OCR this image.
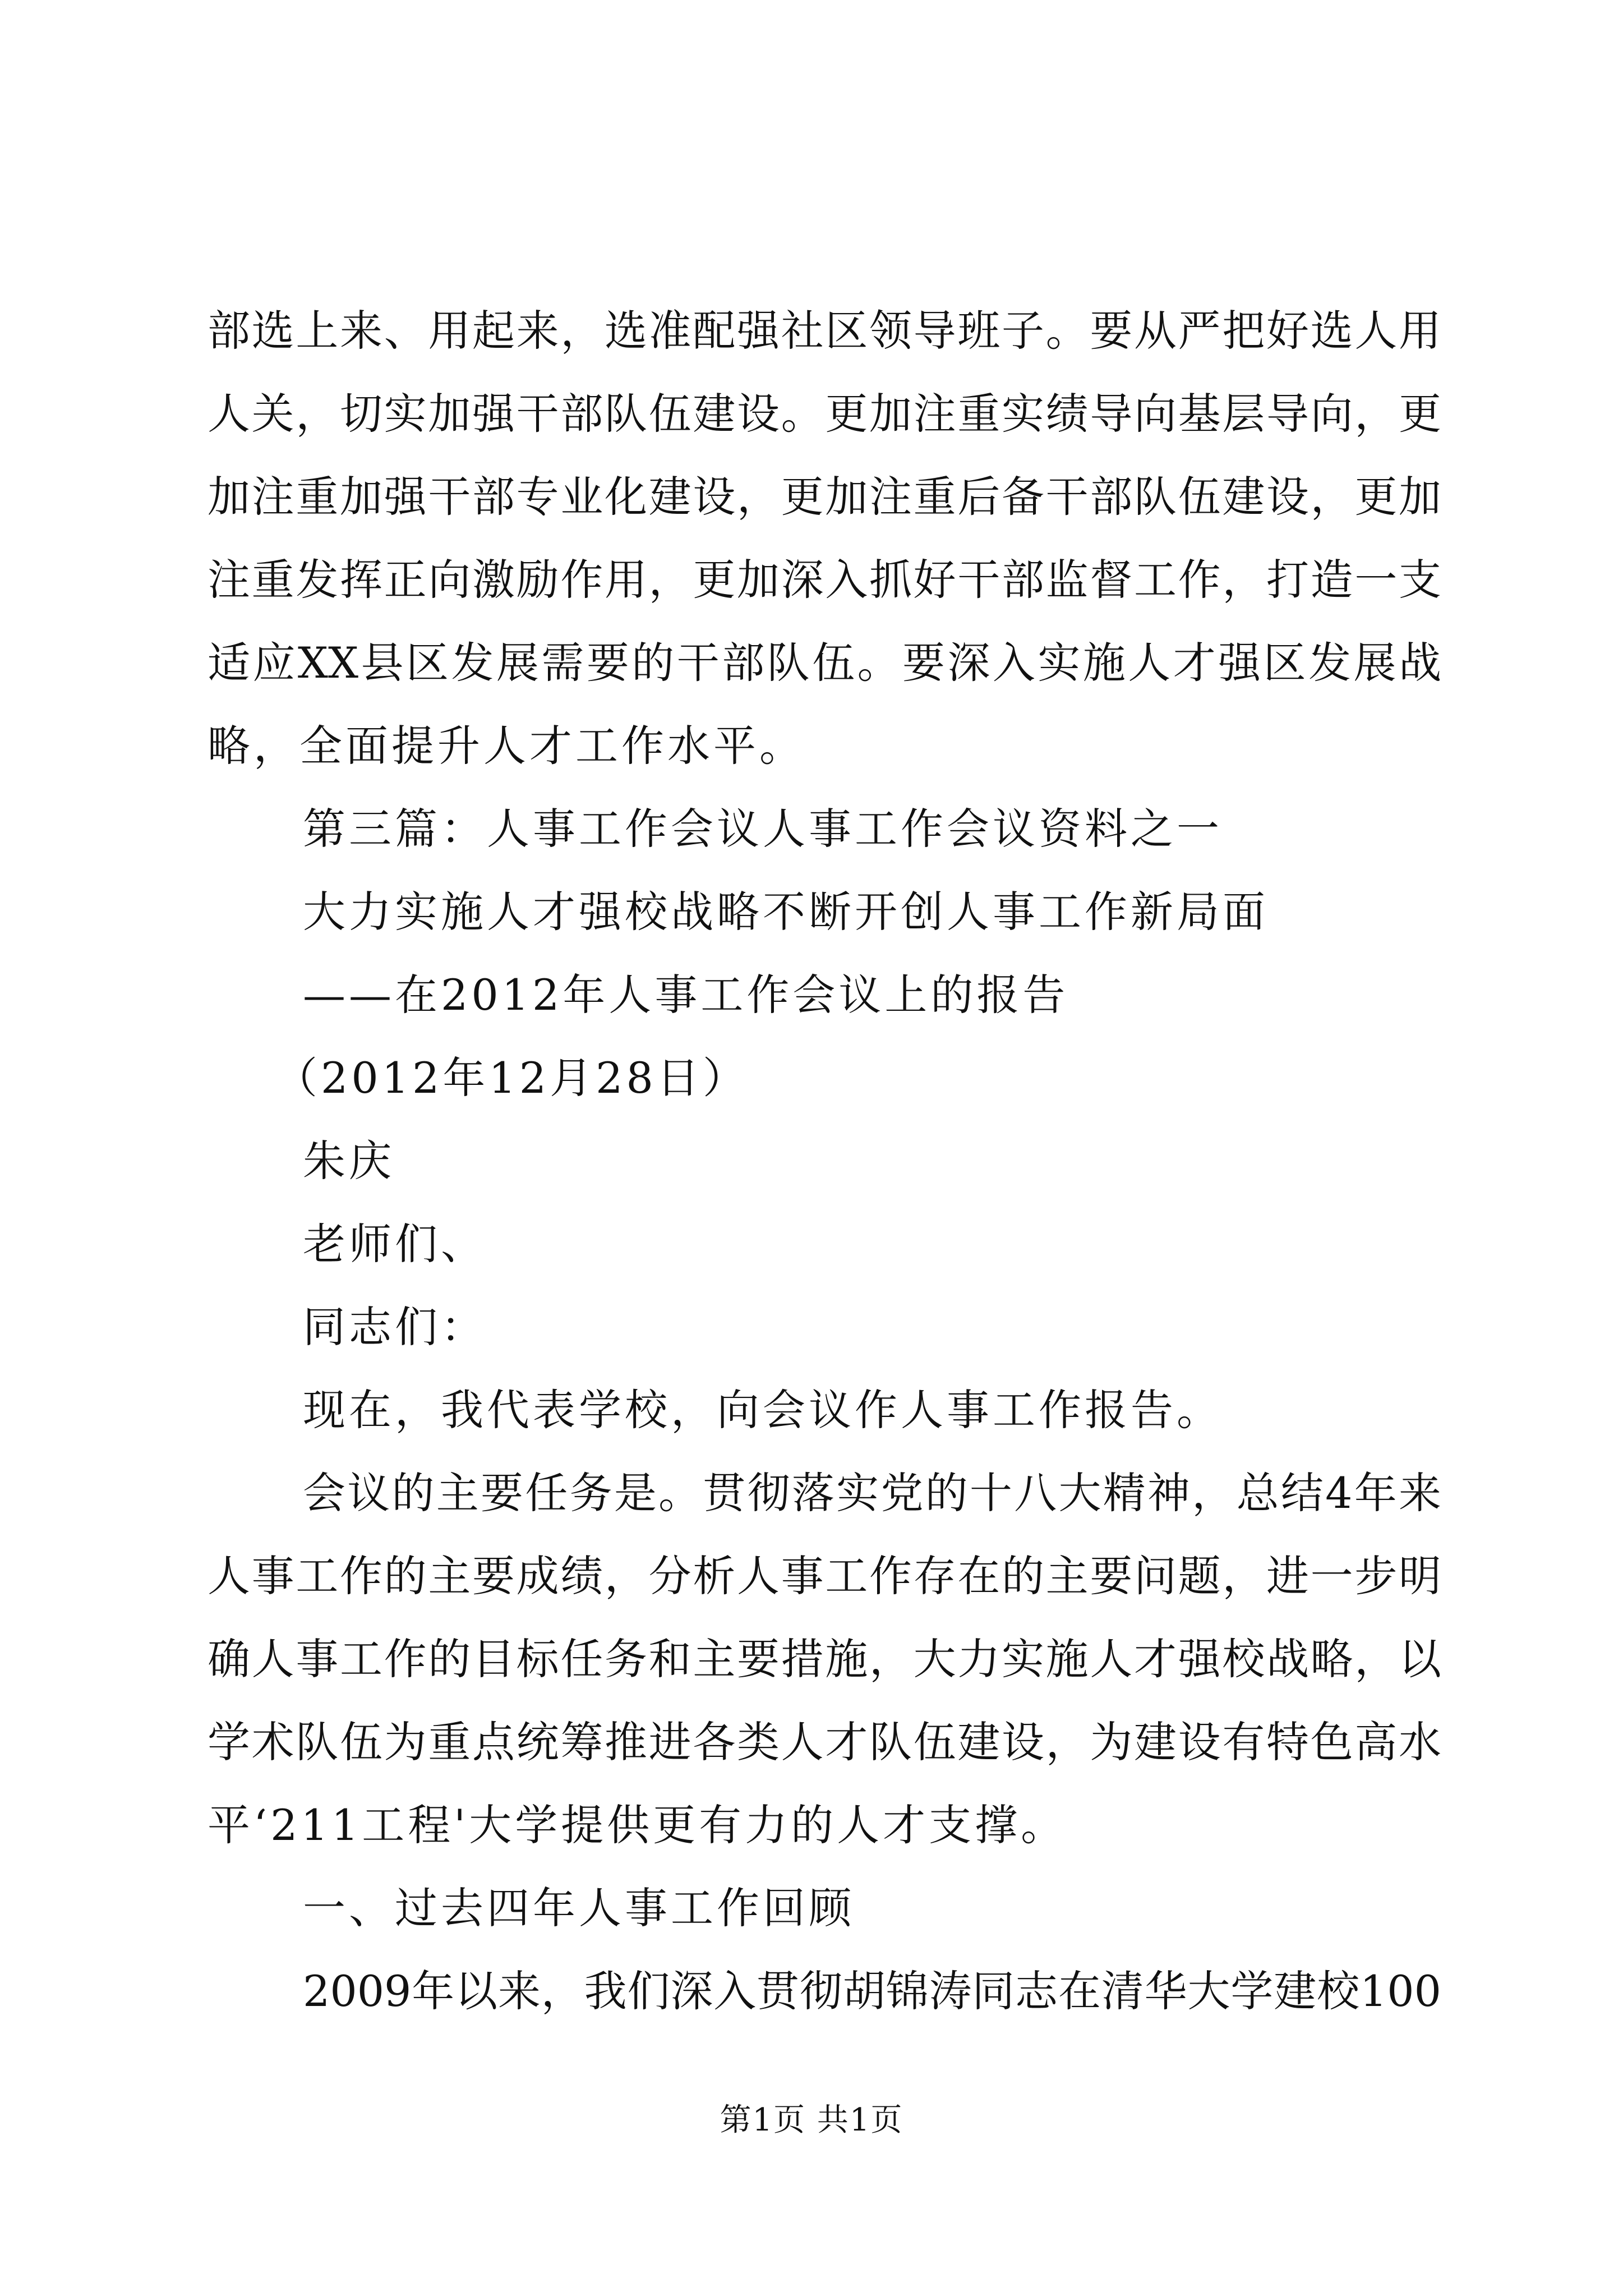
部选上来、用起来，选准配强社区领导班子。要从严把好选人用
人关，切实加强干部队伍建设。更加注重实绩导向基层导向，更
加注重加强干部专业化建设，更加注重后备干部队伍建设，更加
注重发挥正向激励作用，更加深入抓好干部监督工作，打造一支
适应XX县区发展需要的干部队伍。要深入实施人才强区发展战
略，全面提升人才工作水平。
第三篇：人事工作会议人事工作会议资料之一
大力实施人才强校战略不断开创人事工作新局面
——在2012年人事工作会议上的报告
（2012年12月28日）
朱庆
老师们、
同志们：
现在，我代表学校，向会议作人事工作报告。
会议的主要任务是。贯彻落实党的十八大精神，总结4年来
人事工作的主要成绩，分析人事工作存在的主要问题，进一步明
确人事工作的目标任务和主要措施，大力实施人才强校战略，以
学术队伍为重点统筹推进各类人才队伍建设，为建设有特色高水
平‘211工程'大学提供更有力的人才支撑。
一、过去四年人事工作回顾
2009年以来，我们深入贯彻胡锦涛同志在清华大学建校100
第1页 共1页
